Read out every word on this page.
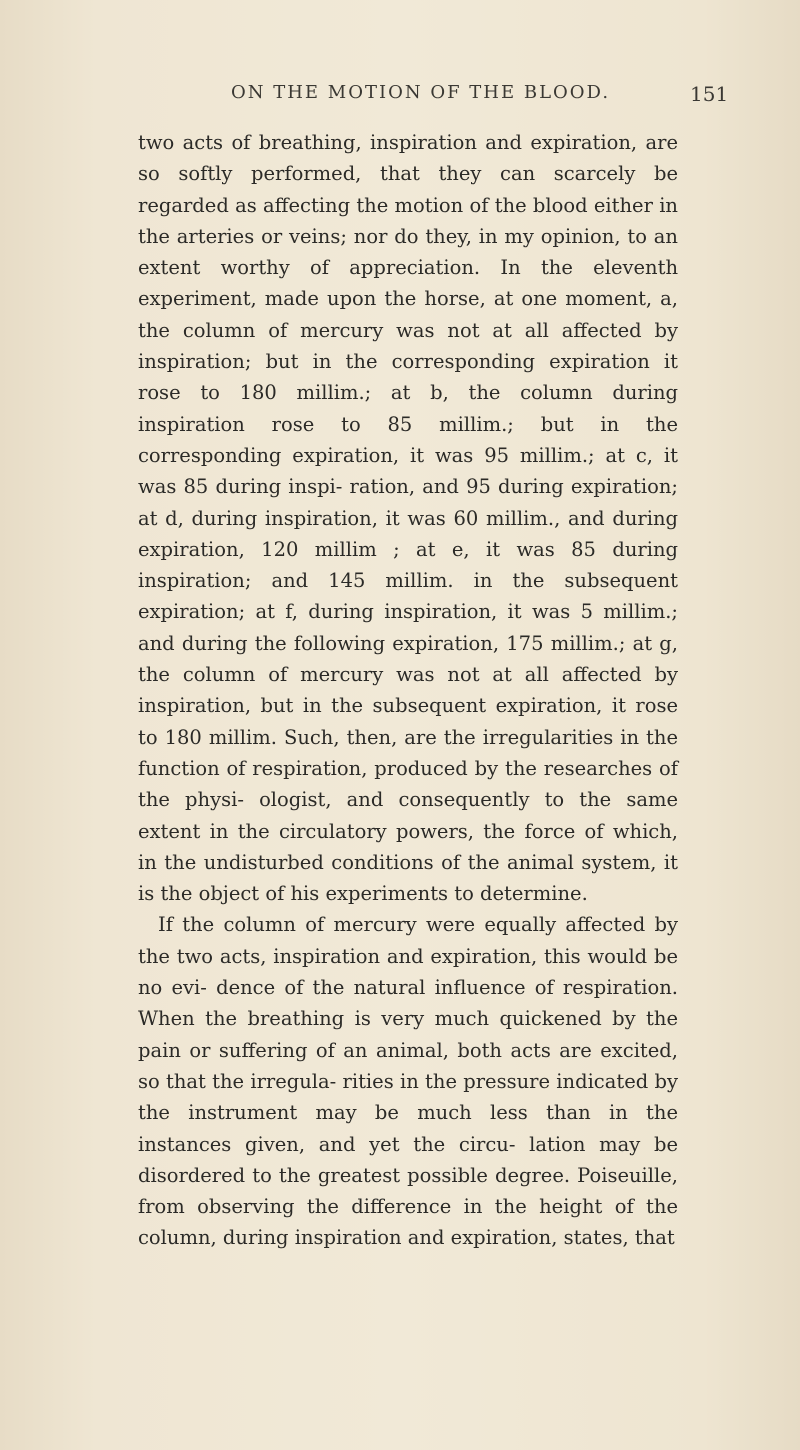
ON THE MOTION OF THE BLOOD.	151

two acts of breathing, inspiration and expiration, are so softly performed, that they can scarcely be regarded as affecting the motion of the blood either in the arteries or veins; nor do they, in my opinion, to an extent worthy of appreciation. In the eleventh experiment, made upon the horse, at one moment, a, the column of mercury was not at all affected by inspiration; but in the corresponding expiration it rose to 180 millim.; at b, the column during inspiration rose to 85 millim.; but in the corresponding expiration, it was 95 millim.; at c, it was 85 during inspi- ration, and 95 during expiration; at d, during inspiration, it was 60 millim., and during expiration, 120 millim ; at e, it was 85 during inspiration; and 145 millim. in the subsequent expiration; at f, during inspiration, it was 5 millim.; and during the following expiration, 175 millim.; at g, the column of mercury was not at all affected by inspiration, but in the subsequent expiration, it rose to 180 millim. Such, then, are the irregularities in the function of respiration, produced by the researches of the physi- ologist, and consequently to the same extent in the circulatory powers, the force of which, in the undisturbed conditions of the animal system, it is the object of his experiments to determine.

If the column of mercury were equally affected by the two acts, inspiration and expiration, this would be no evi- dence of the natural influence of respiration. When the breathing is very much quickened by the pain or suffering of an animal, both acts are excited, so that the irregula- rities in the pressure indicated by the instrument may be much less than in the instances given, and yet the circu- lation may be disordered to the greatest possible degree. Poiseuille, from observing the difference in the height of the column, during inspiration and expiration, states, that
